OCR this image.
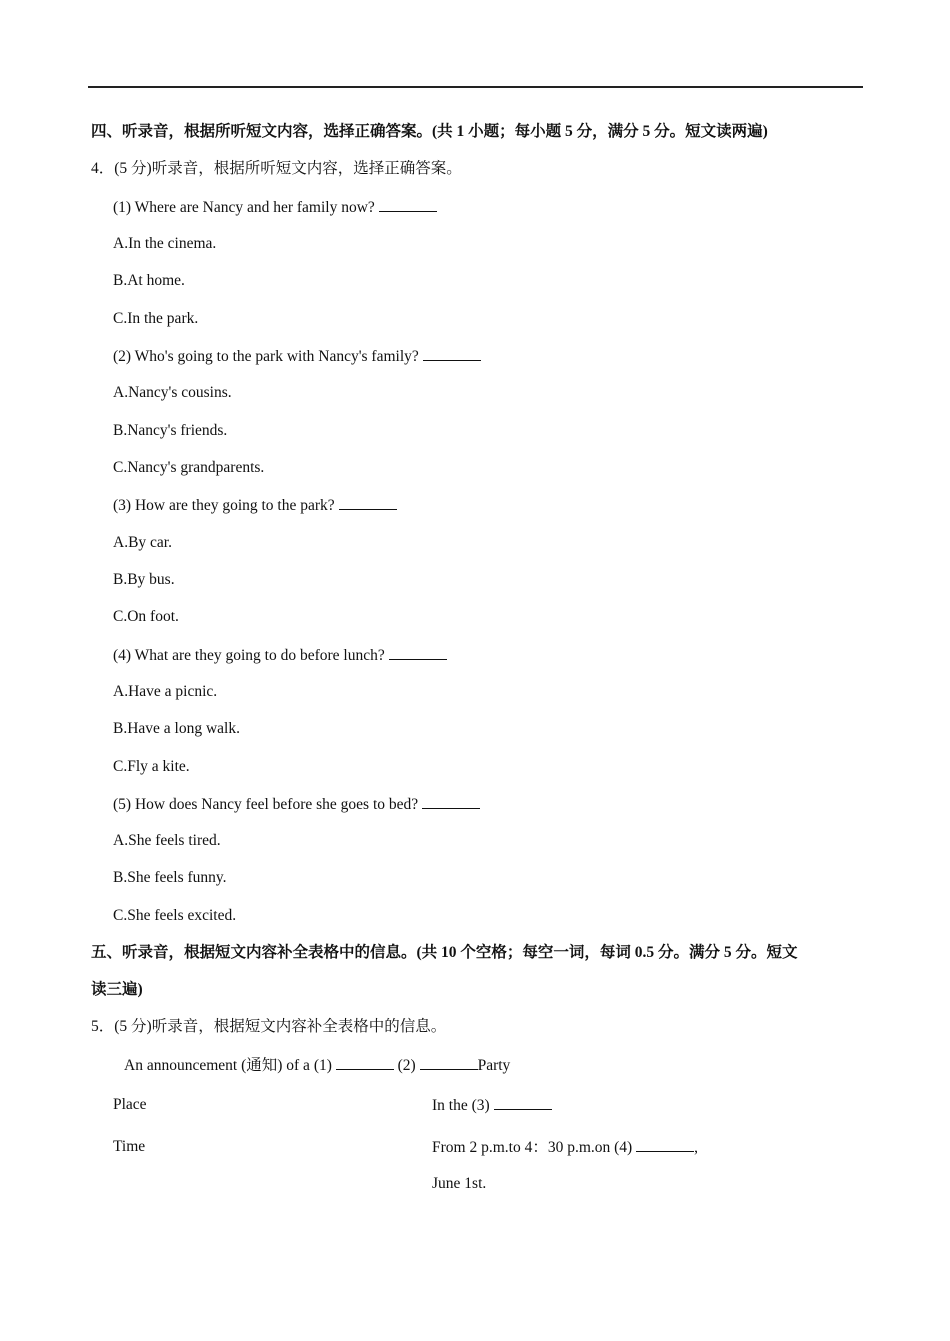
四、听录音，根据所听短文内容，选择正确答案。(共 1 小题；每小题 5 分，满分 5 分。短文读两遍)
4．(5 分)听录音，根据所听短文内容，选择正确答案。
(1) Where are Nancy and her family now?
A.In the cinema.
B.At home.
C.In the park.
(2) Who's going to the park with Nancy's family?
A.Nancy's cousins.
B.Nancy's friends.
C.Nancy's grandparents.
(3) How are they going to the park?
A.By car.
B.By bus.
C.On foot.
(4) What are they going to do before lunch?
A.Have a picnic.
B.Have a long walk.
C.Fly a kite.
(5) How does Nancy feel before she goes to bed?
A.She feels tired.
B.She feels funny.
C.She feels excited.
五、听录音，根据短文内容补全表格中的信息。(共 10 个空格；每空一词，每词 0.5 分。满分 5 分。短文
读三遍)
5．(5 分)听录音，根据短文内容补全表格中的信息。
An announcement (通知) of a (1)	(2)	Party
Place	In the (3)
Time	From 2 p.m.to 4：30 p.m.on (4)	,
June 1st.
